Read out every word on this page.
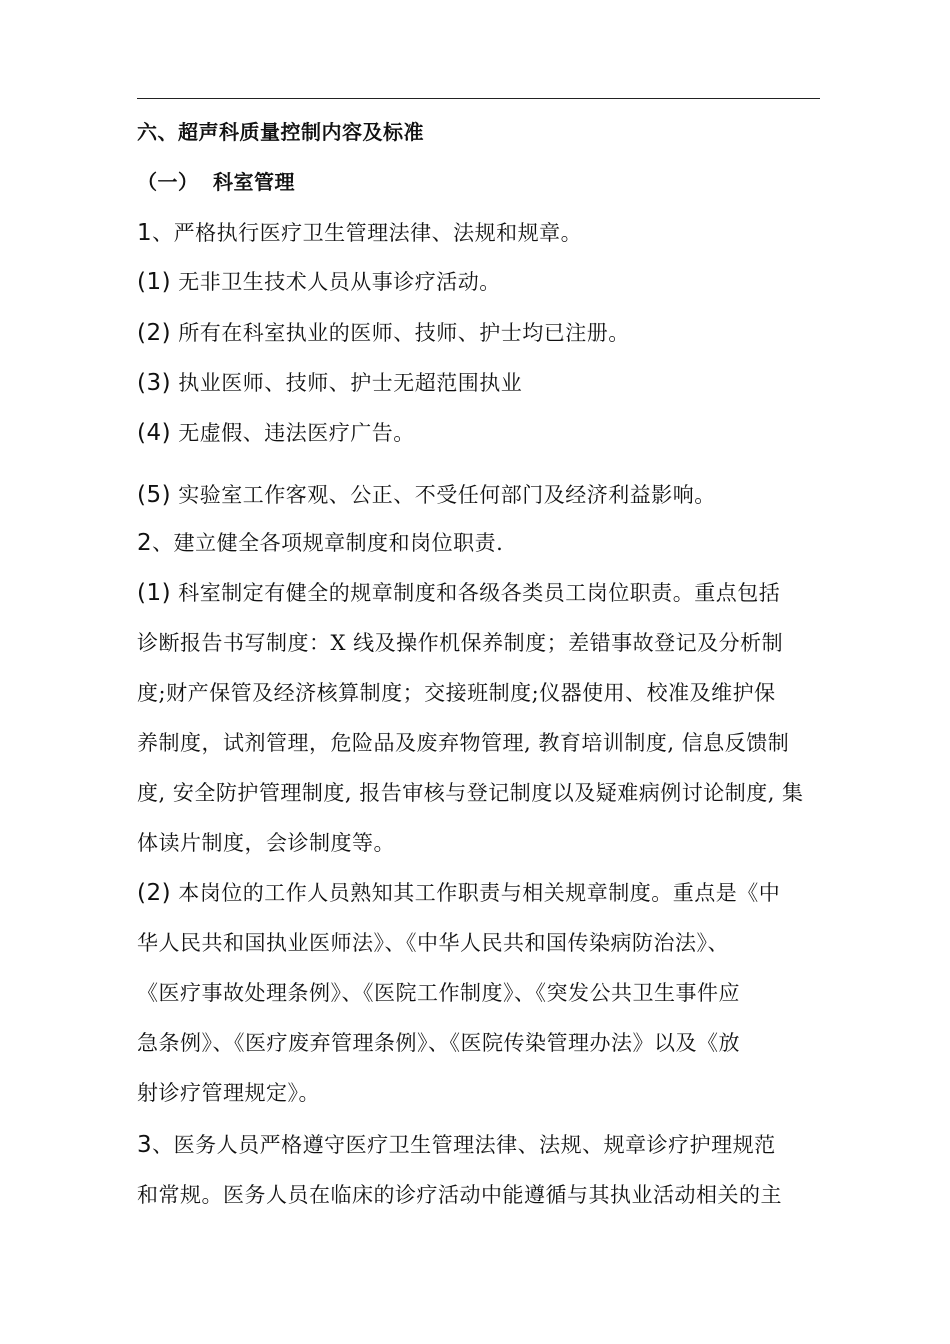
六、超声科质量控制内容及标准
（一） 科室管理
1、严格执行医疗卫生管理法律、法规和规章。
(1) 无非卫生技术人员从事诊疗活动。
(2) 所有在科室执业的医师、技师、护士均已注册。
(3) 执业医师、技师、护士无超范围执业
(4) 无虚假、违法医疗广告。
(5) 实验室工作客观、公正、不受任何部门及经济利益影响。
2、建立健全各项规章制度和岗位职责.
(1) 科室制定有健全的规章制度和各级各类员工岗位职责。重点包括
诊断报告书写制度：X 线及操作机保养制度；差错事故登记及分析制
度;财产保管及经济核算制度；交接班制度;仪器使用、校准及维护保
养制度，试剂管理，危险品及废弃物管理, 教育培训制度, 信息反馈制
度, 安全防护管理制度, 报告审核与登记制度以及疑难病例讨论制度, 集
体读片制度，会诊制度等。
(2) 本岗位的工作人员熟知其工作职责与相关规章制度。重点是《中
华人民共和国执业医师法》、《中华人民共和国传染病防治法》、
《医疗事故处理条例》、《医院工作制度》、《突发公共卫生事件应
急条例》、《医疗废弃管理条例》、《医院传染管理办法》以及《放
射诊疗管理规定》。
3、医务人员严格遵守医疗卫生管理法律、法规、规章诊疗护理规范
和常规。医务人员在临床的诊疗活动中能遵循与其执业活动相关的主
